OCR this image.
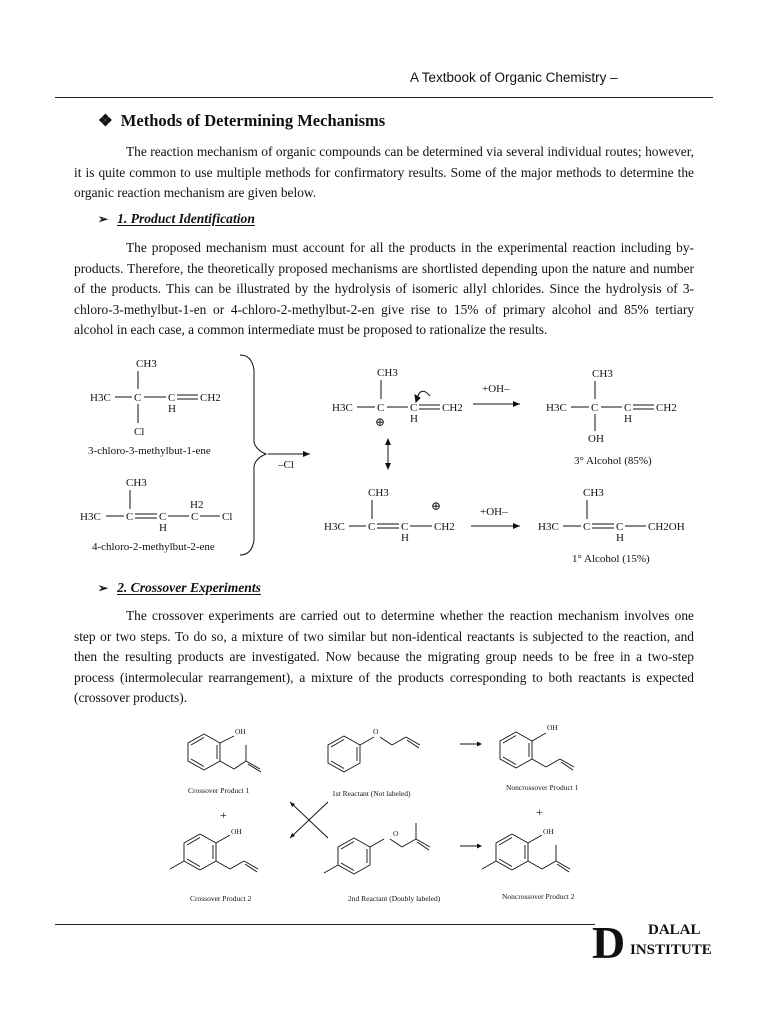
A Textbook of Organic Chemistry –
❖ Methods of Determining Mechanisms
The reaction mechanism of organic compounds can be determined via several individual routes; however, it is quite common to use multiple methods for confirmatory results. Some of the major methods to determine the organic reaction mechanism are given below.
➢ 1. Product Identification
The proposed mechanism must account for all the products in the experimental reaction including by-products. Therefore, the theoretically proposed mechanisms are shortlisted depending upon the nature and number of the products. This can be illustrated by the hydrolysis of isomeric allyl chlorides. Since the hydrolysis of 3-chloro-3-methylbut-1-en or 4-chloro-2-methylbut-2-en give rise to 15% of primary alcohol and 85% tertiary alcohol in each case, a common intermediate must be proposed to rationalize the results.
CH3
H3C C C
H
CH2
Cl
3-chloro-3-methylbut-1-ene
CH3
H3C C C
H
H2
C Cl
4-chloro-2-methylbut-2-ene
–Cl
CH3
H3C C
⊕
C
H
CH2
CH3
H3C C C
H
⊕
CH2
+OH–
+OH–
CH3
H3C C C
H
CH2
OH
3° Alcohol (85%)
CH3
H3C C C
H
CH2OH
1° Alcohol (15%)
➢ 2. Crossover Experiments
The crossover experiments are carried out to determine whether the reaction mechanism involves one step or two steps. To do so, a mixture of two similar but non-identical reactants is subjected to the reaction, and then the resulting products are investigated. Now because the migrating group needs to be free in a two-step process (intermolecular rearrangement), a mixture of the products corresponding to both reactants is expected (crossover products).
OH
Crossover Product 1
O
1st Reactant (Not labeled)
OH
Noncrossover Product 1
+	+
OH
Crossover Product 2
O
2nd Reactant (Doubly labeled)
OH
Noncrossover Product 2
D DALAL
INSTITUTE
